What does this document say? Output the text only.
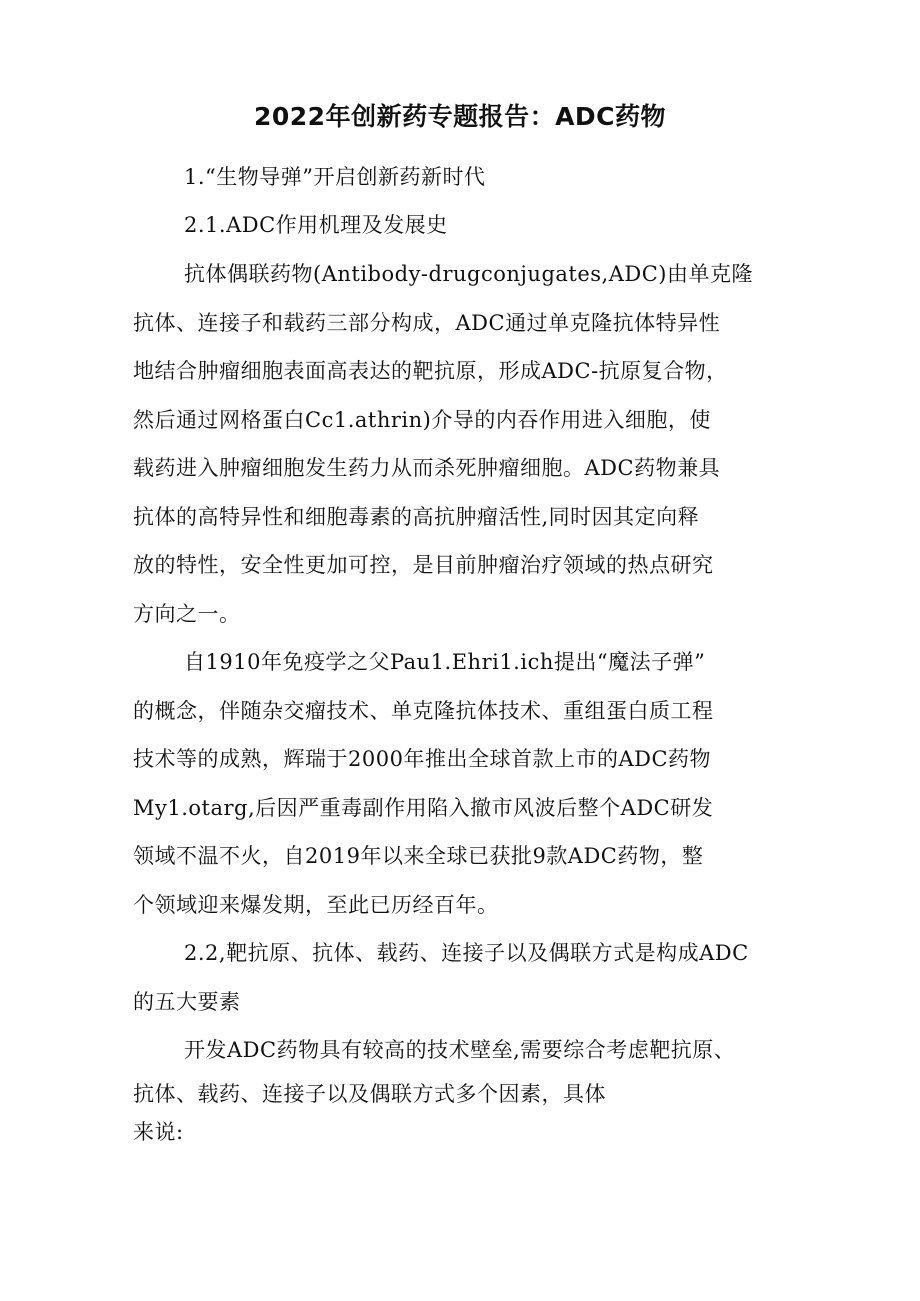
2022年创新药专题报告：ADC药物
1.“生物导弹”开启创新药新时代
2.1.ADC作用机理及发展史
抗体偶联药物(Antibody-drugconjugates,ADC)由单克隆
抗体、连接子和载药三部分构成，ADC通过单克隆抗体特异性
地结合肿瘤细胞表面高表达的靶抗原，形成ADC-抗原复合物，
然后通过网格蛋白Cc1.athrin)介导的内吞作用进入细胞，使
载药进入肿瘤细胞发生药力从而杀死肿瘤细胞。ADC药物兼具
抗体的高特异性和细胞毒素的高抗肿瘤活性,同时因其定向释
放的特性，安全性更加可控，是目前肿瘤治疗领域的热点研究
方向之一。
自1910年免疫学之父Pau1.Ehri1.ich提出“魔法子弹”
的概念，伴随杂交瘤技术、单克隆抗体技术、重组蛋白质工程
技术等的成熟，辉瑞于2000年推出全球首款上市的ADC药物
My1.otarg,后因严重毒副作用陷入撤市风波后整个ADC研发
领域不温不火，自2019年以来全球已获批9款ADC药物，整
个领域迎来爆发期，至此已历经百年。
2.2,靶抗原、抗体、载药、连接子以及偶联方式是构成ADC
的五大要素
开发ADC药物具有较高的技术壁垒,需要综合考虑靶抗原、
抗体、载药、连接子以及偶联方式多个因素，具体
来说:
